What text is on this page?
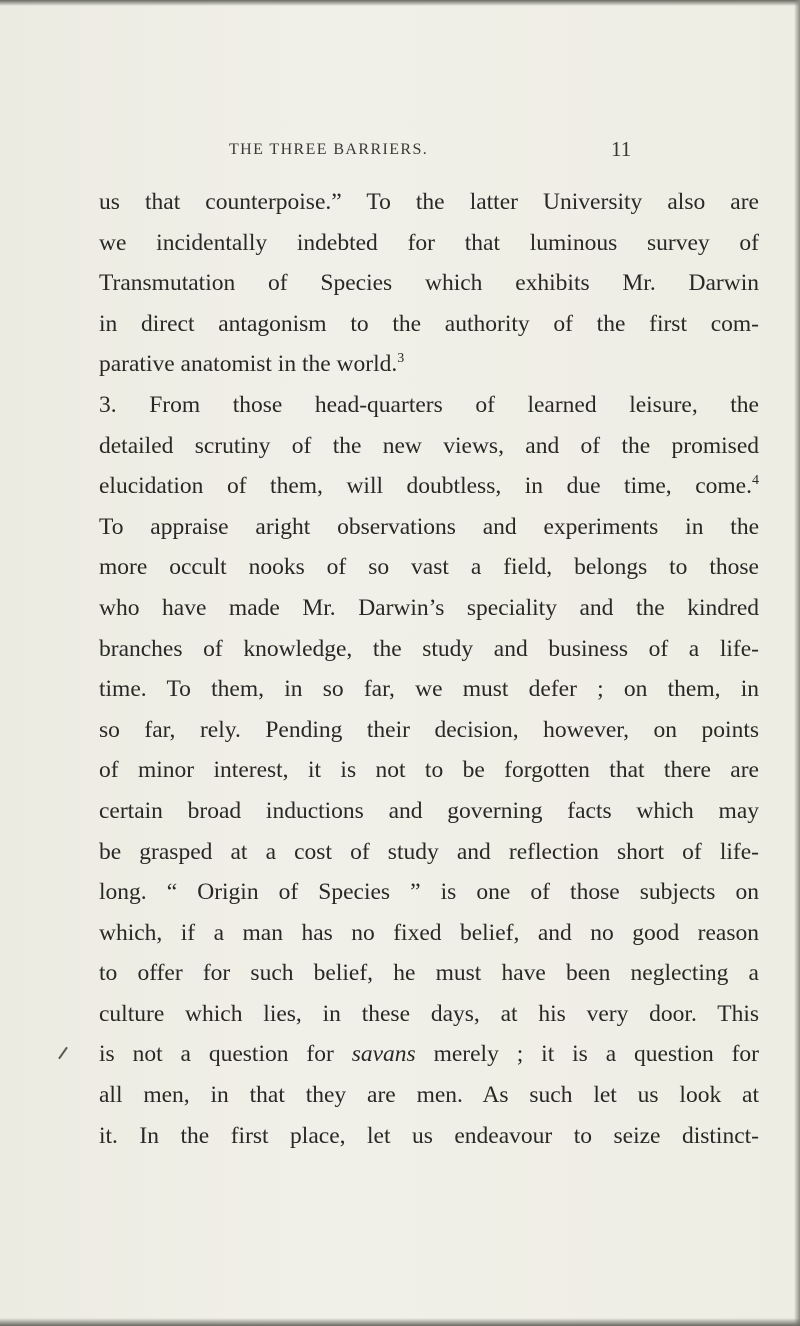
THE THREE BARRIERS.	11
us that counterpoise.” To the latter University also are
we incidentally indebted for that luminous survey of
Transmutation of Species which exhibits Mr. Darwin
in direct antagonism to the authority of the first com-
parative anatomist in the world.$^3$
3. From those head-quarters of learned leisure, the
detailed scrutiny of the new views, and of the promised
elucidation of them, will doubtless, in due time, come.$^4$
To appraise aright observations and experiments in the
more occult nooks of so vast a field, belongs to those
who have made Mr. Darwin’s speciality and the kindred
branches of knowledge, the study and business of a life-
time. To them, in so far, we must defer ; on them, in
so far, rely. Pending their decision, however, on points
of minor interest, it is not to be forgotten that there are
certain broad inductions and governing facts which may
be grasped at a cost of study and reflection short of life-
long. “ Origin of Species ” is one of those subjects on
which, if a man has no fixed belief, and no good reason
to offer for such belief, he must have been neglecting a
culture which lies, in these days, at his very door. This
is not a question for savans merely ; it is a question for
all men, in that they are men. As such let us look at
it. In the first place, let us endeavour to seize distinct-
